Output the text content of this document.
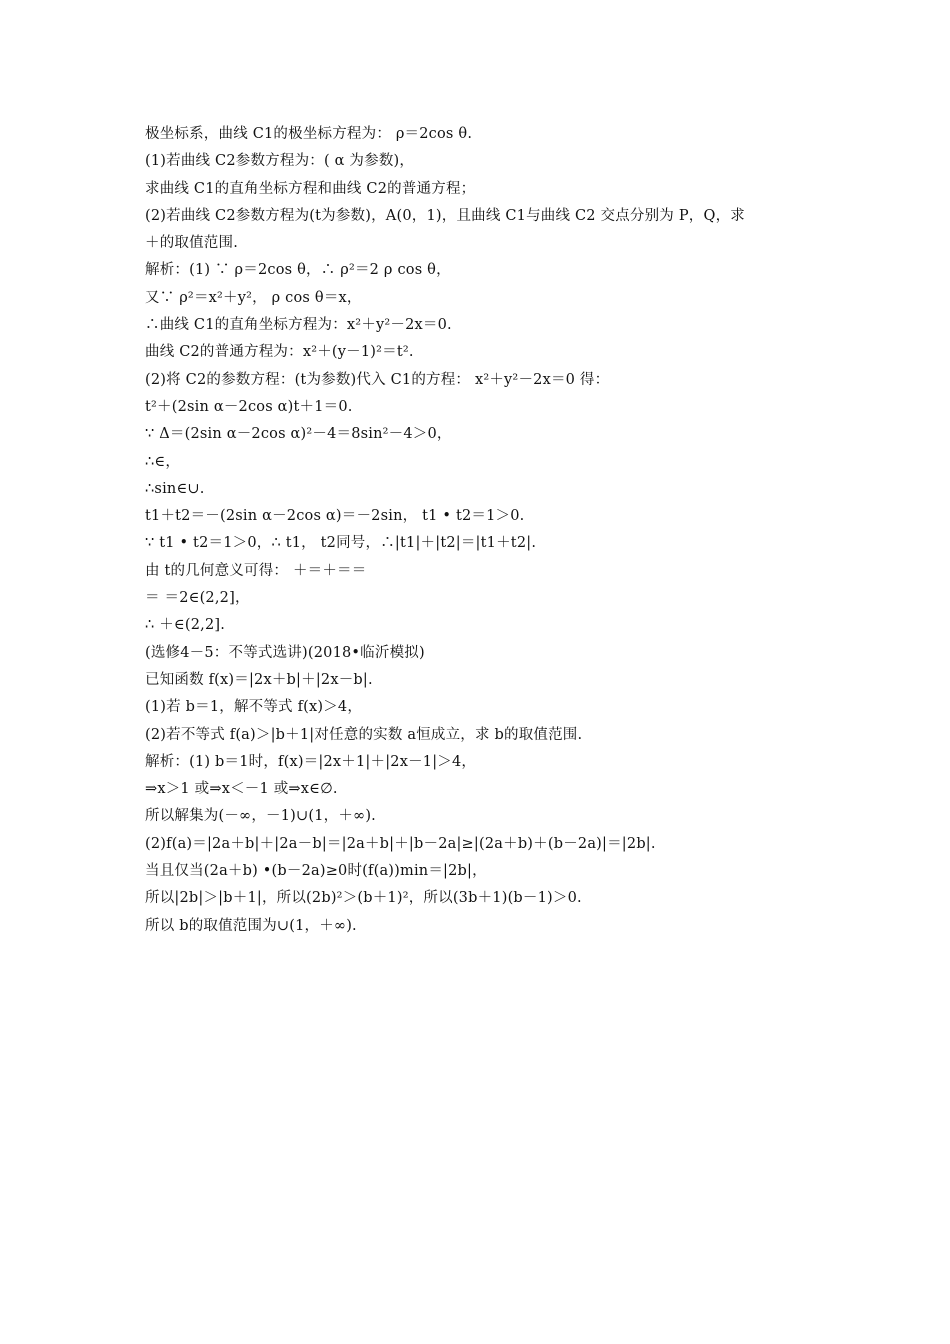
极坐标系，曲线 C1的极坐标方程为： ρ＝2cos θ.
(1)若曲线 C2参数方程为：( α 为参数)，
求曲线 C1的直角坐标方程和曲线 C2的普通方程；
(2)若曲线 C2参数方程为(t为参数)，A(0，1)，且曲线 C1与曲线 C2 交点分别为 P，Q，求
＋的取值范围.
解析：(1) ∵ ρ＝2cos θ，∴ ρ²＝2 ρ cos θ，
又∵ ρ²＝x²＋y²， ρ cos θ＝x，
∴曲线 C1的直角坐标方程为：x²＋y²－2x＝0.
曲线 C2的普通方程为：x²＋(y－1)²＝t².
(2)将 C2的参数方程：(t为参数)代入 C1的方程： x²＋y²－2x＝0 得：
t²＋(2sin α－2cos α)t＋1＝0.
∵ Δ＝(2sin α－2cos α)²－4＝8sin²－4＞0，
∴∈，
∴sin∈∪.
t1＋t2＝－(2sin α－2cos α)＝－2sin， t1 • t2＝1＞0.
∵ t1 • t2＝1＞0，∴ t1， t2同号，∴|t1|＋|t2|＝|t1＋t2|.
由 t的几何意义可得： ＋＝＋＝＝
＝ ＝2∈(2,2]，
∴ ＋∈(2,2].
(选修4－5：不等式选讲)(2018•临沂模拟)
已知函数 f(x)＝|2x＋b|＋|2x－b|.
(1)若 b＝1，解不等式 f(x)＞4，
(2)若不等式 f(a)＞|b＋1|对任意的实数 a恒成立，求 b的取值范围.
解析：(1) b＝1时，f(x)＝|2x＋1|＋|2x－1|＞4，
⇒x＞1 或⇒x＜－1 或⇒x∈∅.
所以解集为(－∞，－1)∪(1，＋∞).
(2)f(a)＝|2a＋b|＋|2a－b|＝|2a＋b|＋|b－2a|≥|(2a＋b)＋(b－2a)|＝|2b|.
当且仅当(2a＋b) •(b－2a)≥0时(f(a))min＝|2b|，
所以|2b|＞|b＋1|，所以(2b)²＞(b＋1)²，所以(3b＋1)(b－1)＞0.
所以 b的取值范围为∪(1，＋∞).
